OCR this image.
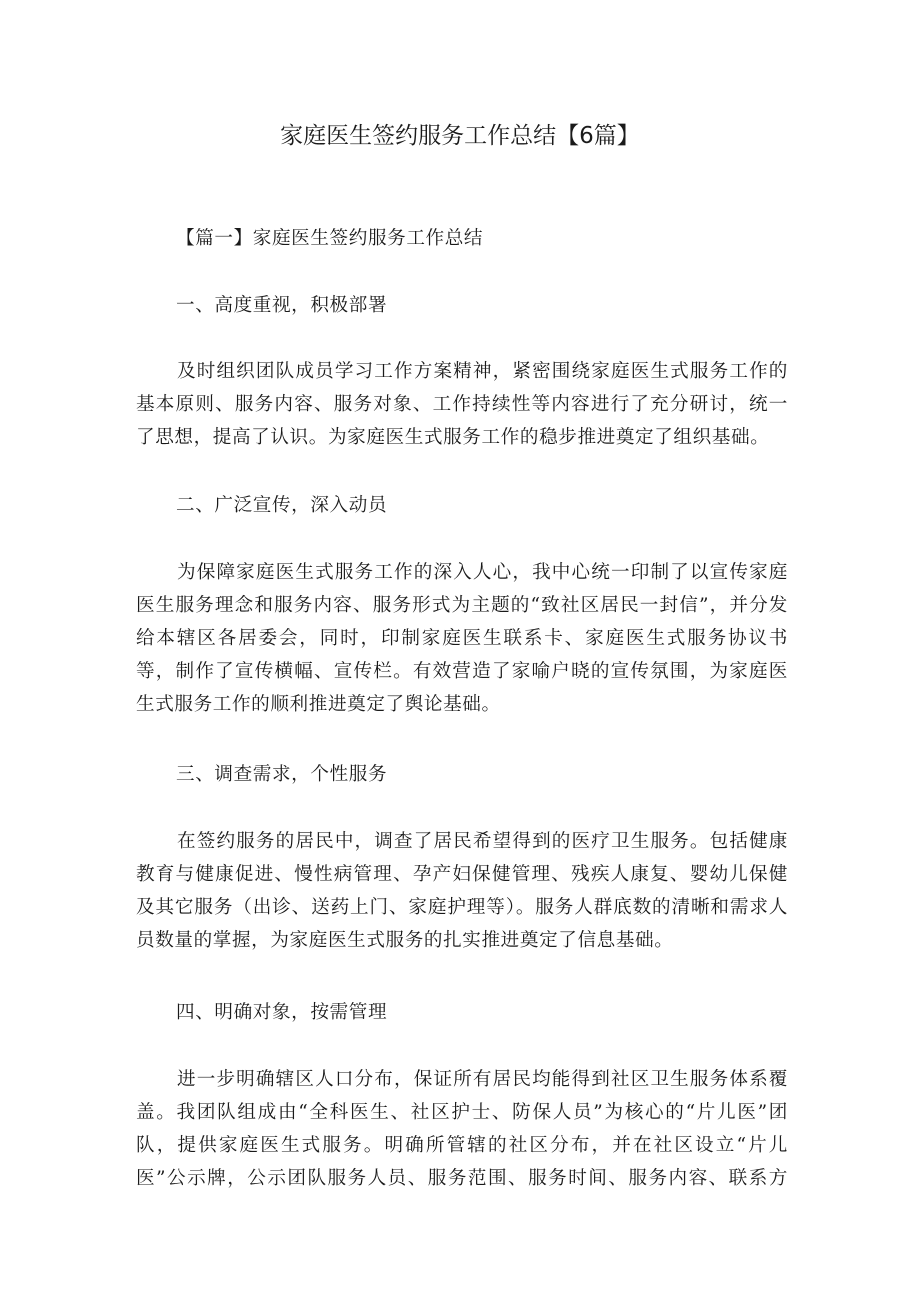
家庭医生签约服务工作总结【6篇】

【篇一】家庭医生签约服务工作总结

一、高度重视，积极部署

及时组织团队成员学习工作方案精神，紧密围绕家庭医生式服务工作的基本原则、服务内容、服务对象、工作持续性等内容进行了充分研讨，统一了思想，提高了认识。为家庭医生式服务工作的稳步推进奠定了组织基础。

二、广泛宣传，深入动员

为保障家庭医生式服务工作的深入人心，我中心统一印制了以宣传家庭医生服务理念和服务内容、服务形式为主题的“致社区居民一封信”，并分发给本辖区各居委会，同时，印制家庭医生联系卡、家庭医生式服务协议书等，制作了宣传横幅、宣传栏。有效营造了家喻户晓的宣传氛围，为家庭医生式服务工作的顺利推进奠定了舆论基础。

三、调查需求，个性服务

在签约服务的居民中，调查了居民希望得到的医疗卫生服务。包括健康教育与健康促进、慢性病管理、孕产妇保健管理、残疾人康复、婴幼儿保健及其它服务（出诊、送药上门、家庭护理等）。服务人群底数的清晰和需求人员数量的掌握，为家庭医生式服务的扎实推进奠定了信息基础。

四、明确对象，按需管理

进一步明确辖区人口分布，保证所有居民均能得到社区卫生服务体系覆盖。我团队组成由“全科医生、社区护士、防保人员”为核心的“片儿医”团队，提供家庭医生式服务。明确所管辖的社区分布，并在社区设立“片儿医”公示牌，公示团队服务人员、服务范围、服务时间、服务内容、联系方
